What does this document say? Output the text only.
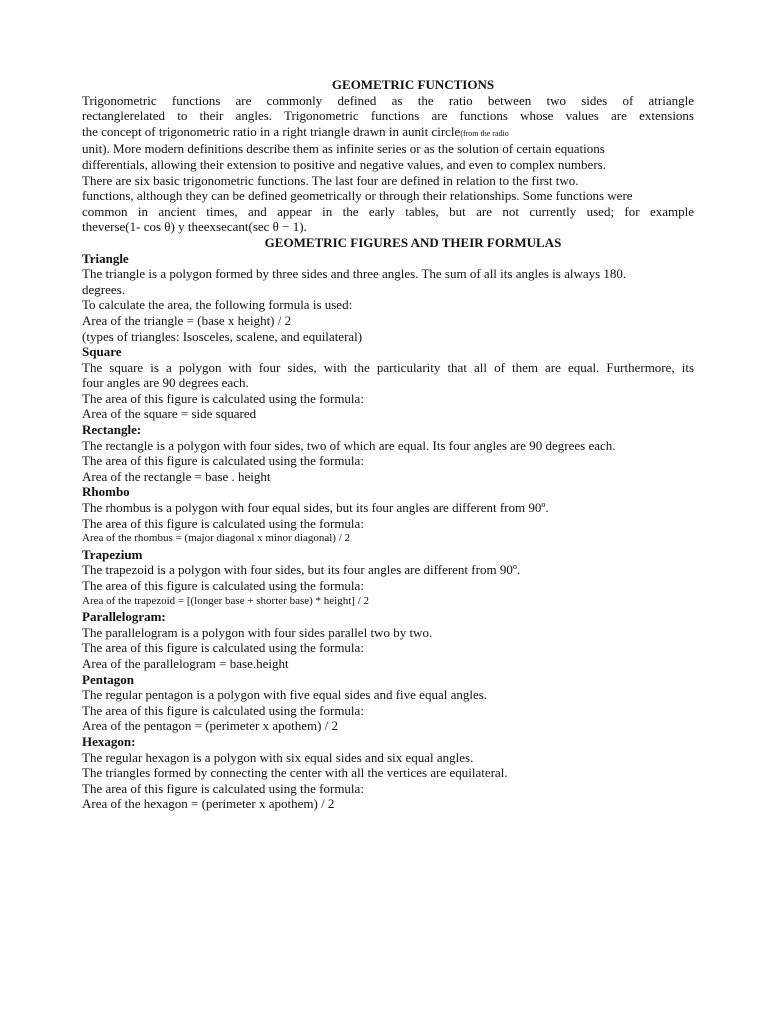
GEOMETRIC FUNCTIONS

Trigonometric functions are commonly defined as the ratio between two sides of atriangle

rectanglerelated to their angles. Trigonometric functions are functions whose values are extensions

the concept of trigonometric ratio in a right triangle drawn in aunit circle(from the radio

unit). More modern definitions describe them as infinite series or as the solution of certain equations

differentials, allowing their extension to positive and negative values, and even to complex numbers.

There are six basic trigonometric functions. The last four are defined in relation to the first two.

functions, although they can be defined geometrically or through their relationships. Some functions were

common in ancient times, and appear in the early tables, but are not currently used; for example

theverse(1- cos θ) y theexsecant(sec θ − 1).

GEOMETRIC FIGURES AND THEIR FORMULAS

Triangle

The triangle is a polygon formed by three sides and three angles. The sum of all its angles is always 180.

degrees.

To calculate the area, the following formula is used:

Area of the triangle = (base x height) / 2

(types of triangles: Isosceles, scalene, and equilateral)

Square

The square is a polygon with four sides, with the particularity that all of them are equal. Furthermore, its

four angles are 90 degrees each.

The area of this figure is calculated using the formula:

Area of the square = side squared

Rectangle:

The rectangle is a polygon with four sides, two of which are equal. Its four angles are 90 degrees each.

The area of this figure is calculated using the formula:

Area of the rectangle = base . height

Rhombo

The rhombus is a polygon with four equal sides, but its four angles are different from 90º.

The area of this figure is calculated using the formula:

Area of the rhombus = (major diagonal x minor diagonal) / 2

Trapezium

The trapezoid is a polygon with four sides, but its four angles are different from 90º.

The area of this figure is calculated using the formula:

Area of the trapezoid = [(longer base + shorter base) * height] / 2

Parallelogram:

The parallelogram is a polygon with four sides parallel two by two.

The area of this figure is calculated using the formula:

Area of the parallelogram = base.height

Pentagon

The regular pentagon is a polygon with five equal sides and five equal angles.

The area of this figure is calculated using the formula:

Area of the pentagon = (perimeter x apothem) / 2

Hexagon:

The regular hexagon is a polygon with six equal sides and six equal angles.

The triangles formed by connecting the center with all the vertices are equilateral.

The area of this figure is calculated using the formula:

Area of the hexagon = (perimeter x apothem) / 2
